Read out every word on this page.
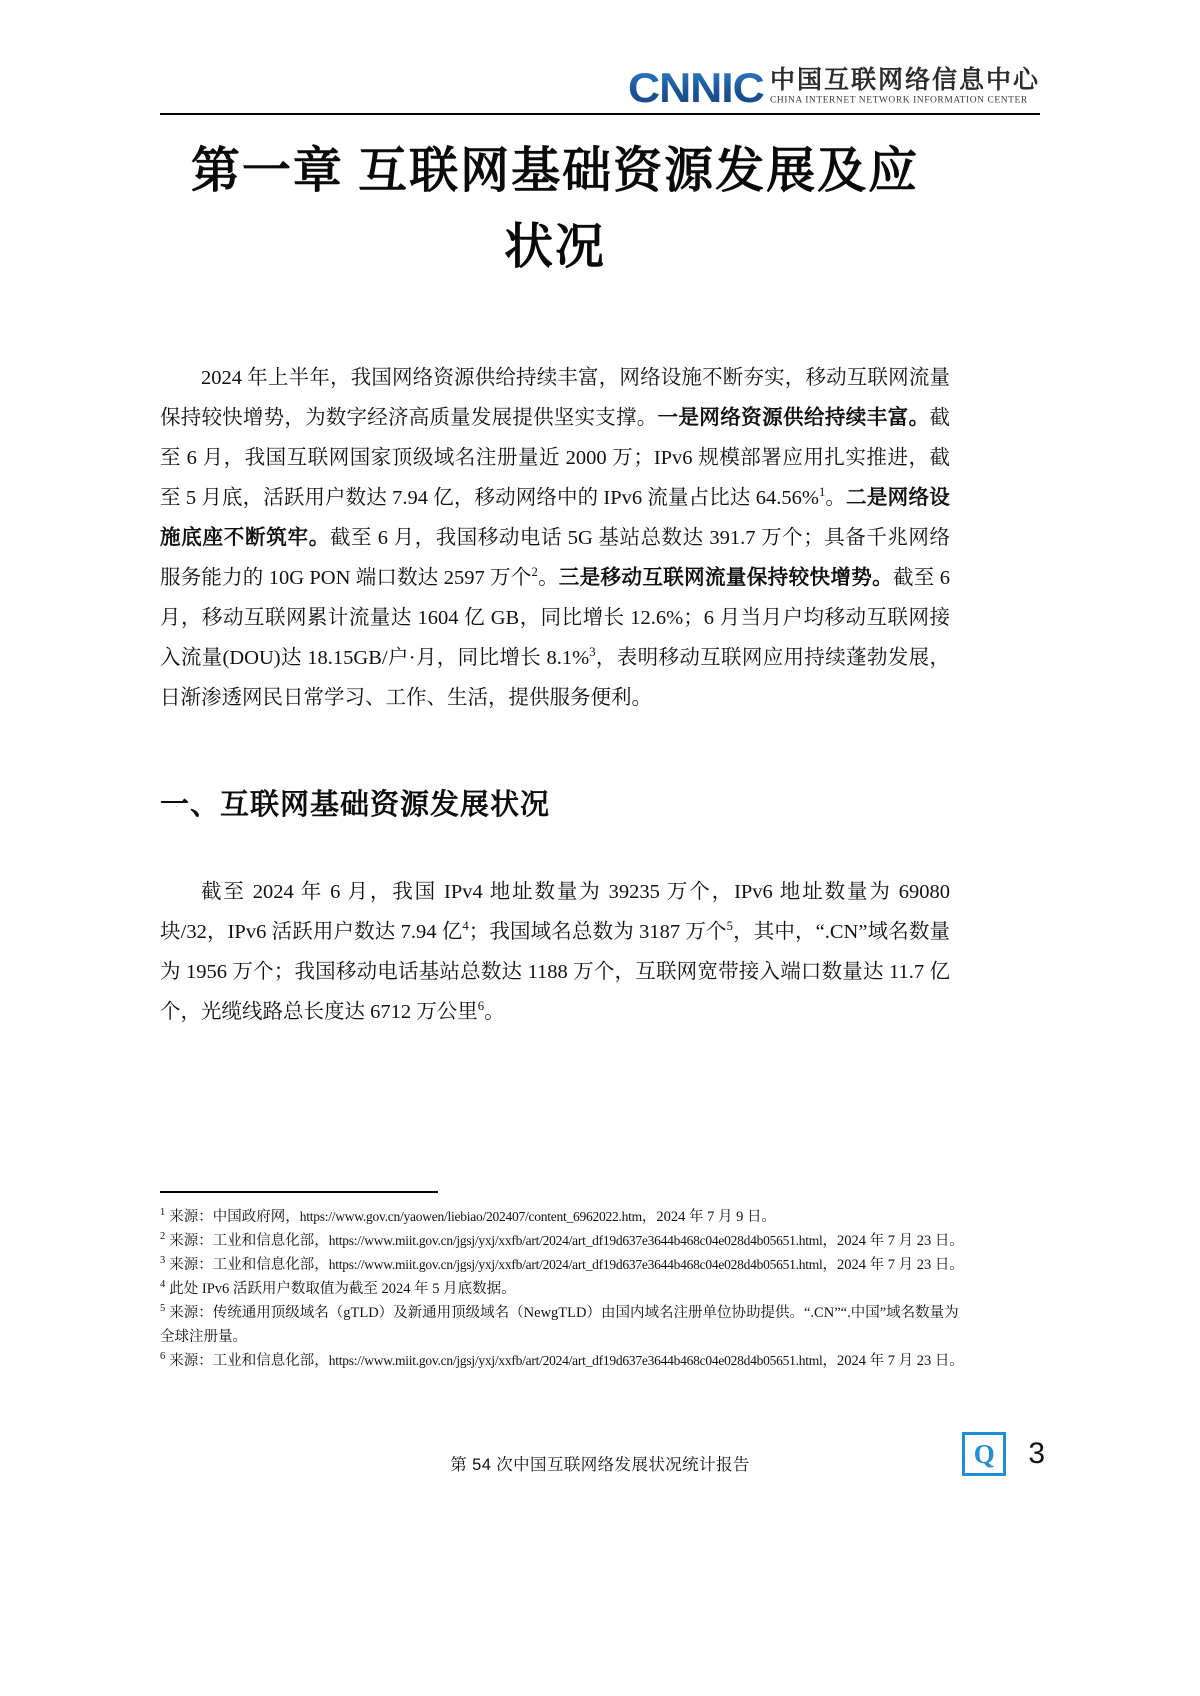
CNNIC 中国互联网络信息中心
CHINA INTERNET NETWORK INFORMATION CENTER
第一章 互联网基础资源发展及应
状况

2024 年上半年，我国网络资源供给持续丰富，网络设施不断夯实，移动互联网流量保持较快增势，为数字经济高质量发展提供坚实支撑。一是网络资源供给持续丰富。截至 6 月，我国互联网国家顶级域名注册量近 2000 万；IPv6 规模部署应用扎实推进，截至 5 月底，活跃用户数达 7.94 亿，移动网络中的 IPv6 流量占比达 64.56%$^1$。二是网络设施底座不断筑牢。截至 6 月，我国移动电话 5G 基站总数达 391.7 万个；具备千兆网络服务能力的 10G PON 端口数达 2597 万个$^2$。三是移动互联网流量保持较快增势。截至 6 月，移动互联网累计流量达 1604 亿 GB，同比增长 12.6%；6 月当月户均移动互联网接入流量(DOU)达 18.15GB/户·月，同比增长 8.1%$^3$，表明移动互联网应用持续蓬勃发展，日渐渗透网民日常学习、工作、生活，提供服务便利。

一、互联网基础资源发展状况

截至 2024 年 6 月，我国 IPv4 地址数量为 39235 万个，IPv6 地址数量为 69080 块/32，IPv6 活跃用户数达 7.94 亿$^4$；我国域名总数为 3187 万个$^5$，其中，“.CN”域名数量为 1956 万个；我国移动电话基站总数达 1188 万个，互联网宽带接入端口数量达 11.7 亿个，光缆线路总长度达 6712 万公里$^6$。

$^1$ 来源：中国政府网，https://www.gov.cn/yaowen/liebiao/202407/content_6962022.htm，2024 年 7 月 9 日。

$^2$ 来源：工业和信息化部，https://www.miit.gov.cn/jgsj/yxj/xxfb/art/2024/art_df19d637e3644b468c04e028d4b05651.html，2024 年 7 月 23 日。

$^3$ 来源：工业和信息化部，https://www.miit.gov.cn/jgsj/yxj/xxfb/art/2024/art_df19d637e3644b468c04e028d4b05651.html，2024 年 7 月 23 日。

$^4$ 此处 IPv6 活跃用户数取值为截至 2024 年 5 月底数据。

$^5$ 来源：传统通用顶级域名（gTLD）及新通用顶级域名（NewgTLD）由国内域名注册单位协助提供。“.CN”“.中国”域名数量为全球注册量。

$^6$ 来源：工业和信息化部，https://www.miit.gov.cn/jgsj/yxj/xxfb/art/2024/art_df19d637e3644b468c04e028d4b05651.html，2024 年 7 月 23 日。

第 54 次中国互联网络发展状况统计报告	Q 3
